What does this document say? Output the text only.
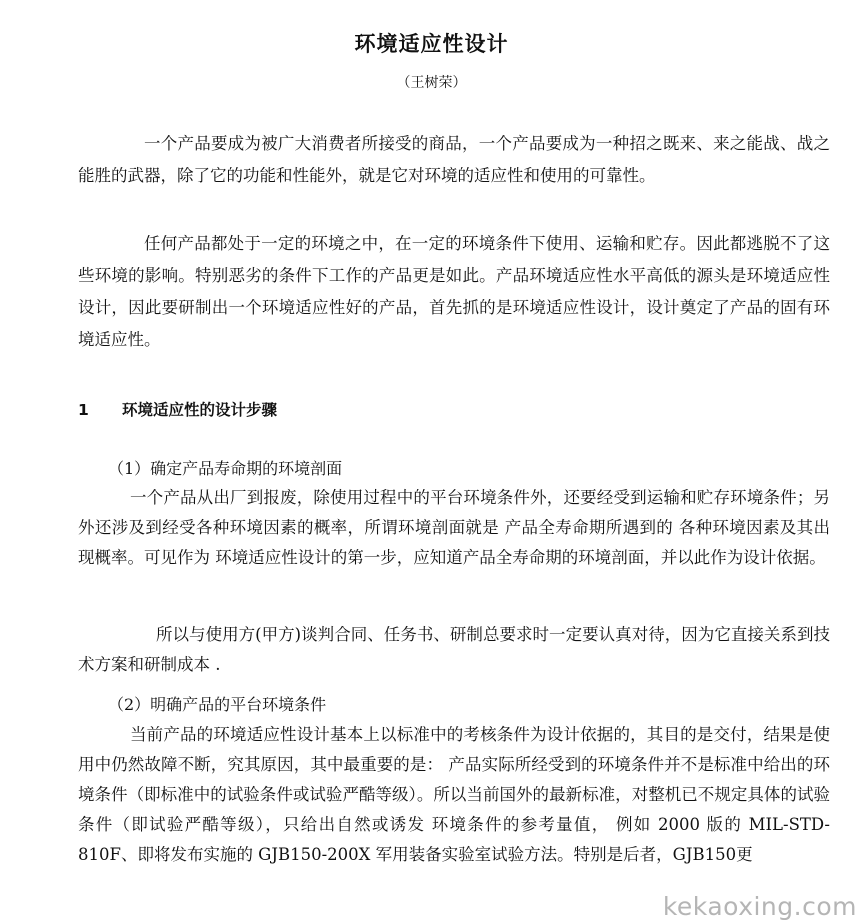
环境适应性设计
（王树荣）
一个产品要成为被广大消费者所接受的商品，一个产品要成为一种招之既来、来之能战、战之能胜的武器，除了它的功能和性能外，就是它对环境的适应性和使用的可靠性。
任何产品都处于一定的环境之中，在一定的环境条件下使用、运输和贮存。因此都逃脱不了这些环境的影响。特别恶劣的条件下工作的产品更是如此。产品环境适应性水平高低的源头是环境适应性设计，因此要研制出一个环境适应性好的产品，首先抓的是环境适应性设计，设计奠定了产品的固有环境适应性。
1 环境适应性的设计步骤
（1）确定产品寿命期的环境剖面
一个产品从出厂到报废，除使用过程中的平台环境条件外，还要经受到运输和贮存环境条件；另外还涉及到经受各种环境因素的概率，所谓环境剖面就是 产品全寿命期所遇到的 各种环境因素及其出现概率。可见作为 环境适应性设计的第一步，应知道产品全寿命期的环境剖面，并以此作为设计依据。
所以与使用方(甲方)谈判合同、任务书、研制总要求时一定要认真对待，因为它直接关系到技术方案和研制成本 .
（2）明确产品的平台环境条件
当前产品的环境适应性设计基本上以标准中的考核条件为设计依据的，其目的是交付，结果是使用中仍然故障不断，究其原因，其中最重要的是： 产品实际所经受到的环境条件并不是标准中给出的环境条件（即标准中的试验条件或试验严酷等级）。所以当前国外的最新标准，对整机已不规定具体的试验条件（即试验严酷等级），只给出自然或诱发 环境条件的参考量值， 例如 2000 版的 MIL-STD-810F、即将发布实施的 GJB150-200X 军用装备实验室试验方法。特别是后者，GJB150更
kekaoxing.com
